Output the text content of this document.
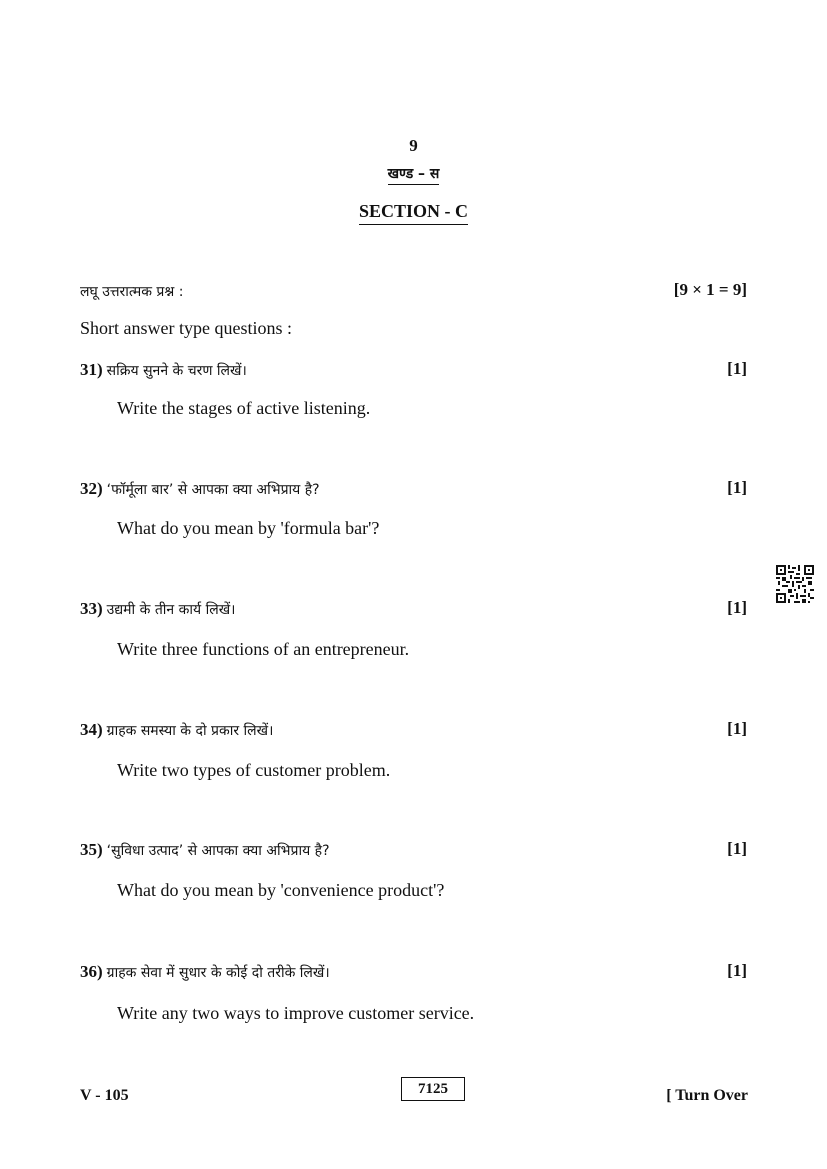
9
खण्ड – स
SECTION - C
लघू उत्तरात्मक प्रश्न :	[9 × 1 = 9]
Short answer type questions :
31) सक्रिय सुनने के चरण लिखें।	[1]
Write the stages of active listening.
32) ‘फॉर्मूला बार’ से आपका क्या अभिप्राय है?	[1]
What do you mean by 'formula bar'?
33) उद्यमी के तीन कार्य लिखें।	[1]
Write three functions of an entrepreneur.
34) ग्राहक समस्या के दो प्रकार लिखें।	[1]
Write two types of customer problem.
35) ‘सुविधा उत्पाद’ से आपका क्या अभिप्राय है?	[1]
What do you mean by 'convenience product'?
36) ग्राहक सेवा में सुधार के कोई दो तरीके लिखें।	[1]
Write any two ways to improve customer service.
V - 105	7125	[ Turn Over
